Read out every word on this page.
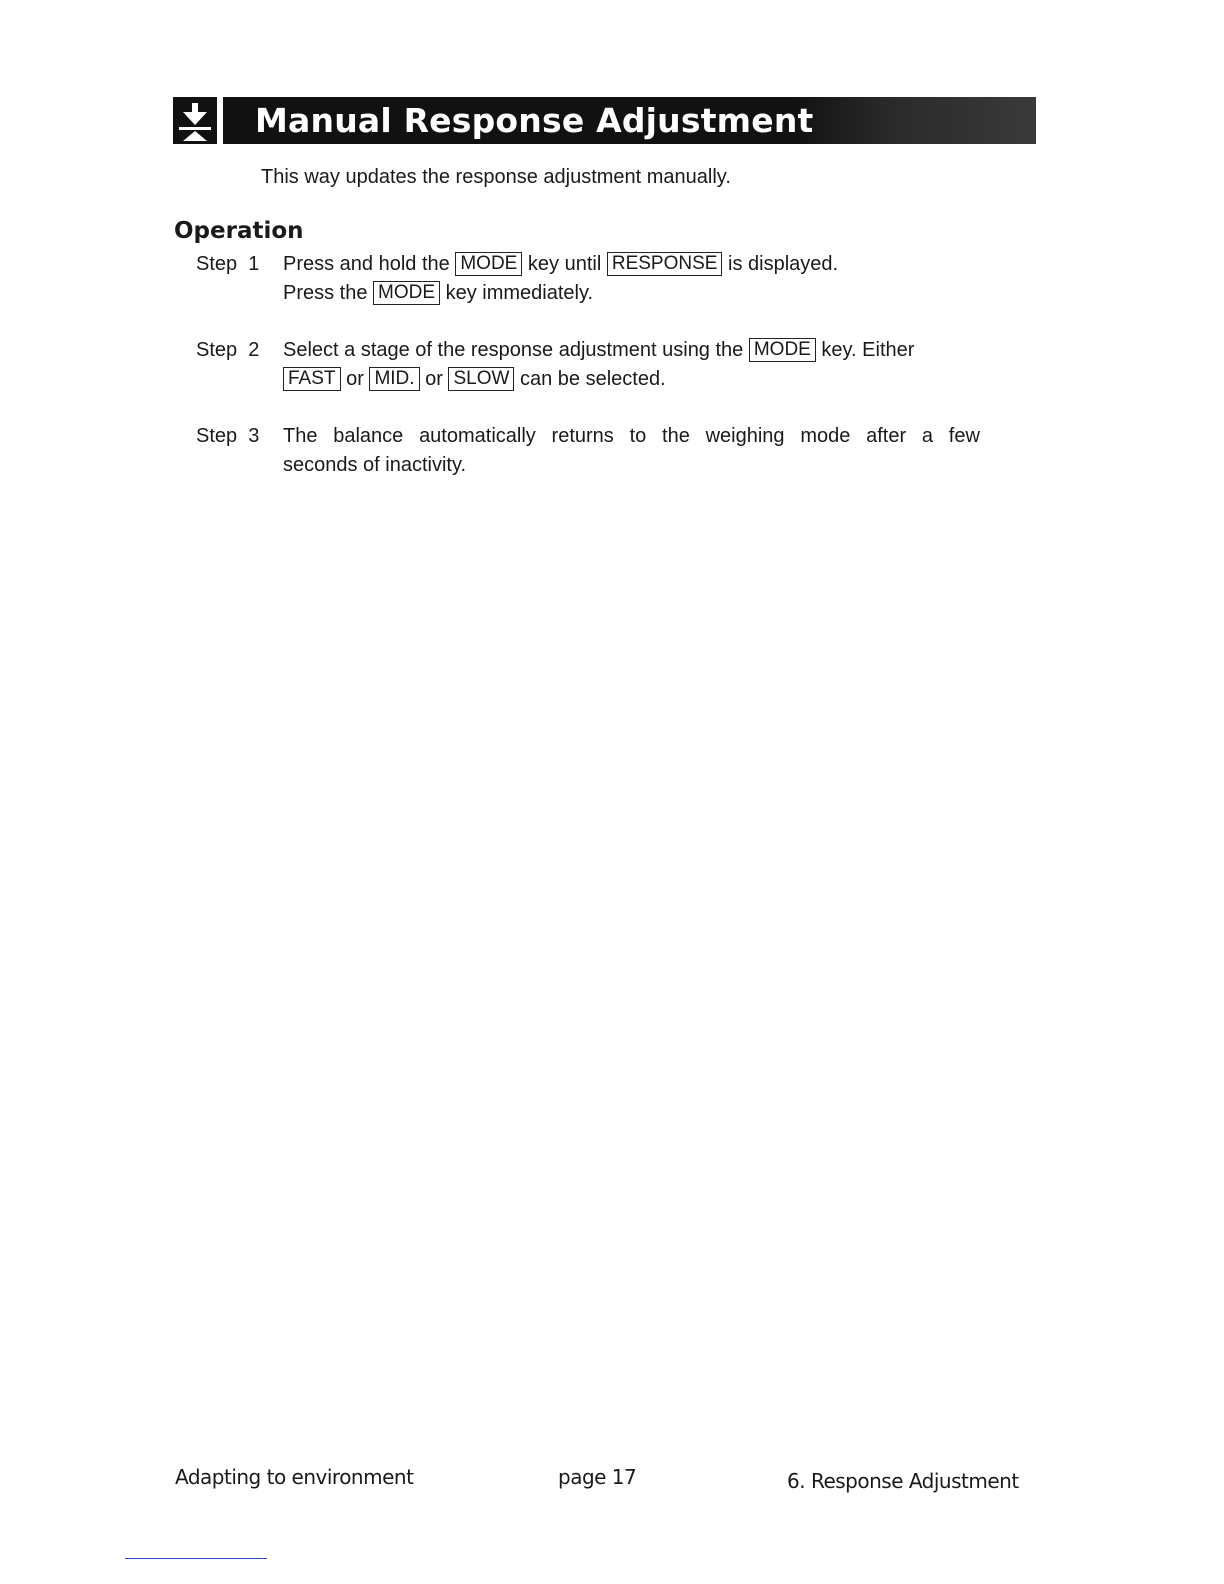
Manual Response Adjustment
This way updates the response adjustment manually.
Operation
Step  1 Press and hold the MODE key until RESPONSE is displayed.
Press the MODE key immediately.
Step  2 Select a stage of the response adjustment using the MODE key. Either
FAST or MID. or SLOW can be selected.
Step  3 The balance automatically returns to the weighing mode after a few
seconds of inactivity.
Adapting to environment	page 17	6. Response Adjustment
